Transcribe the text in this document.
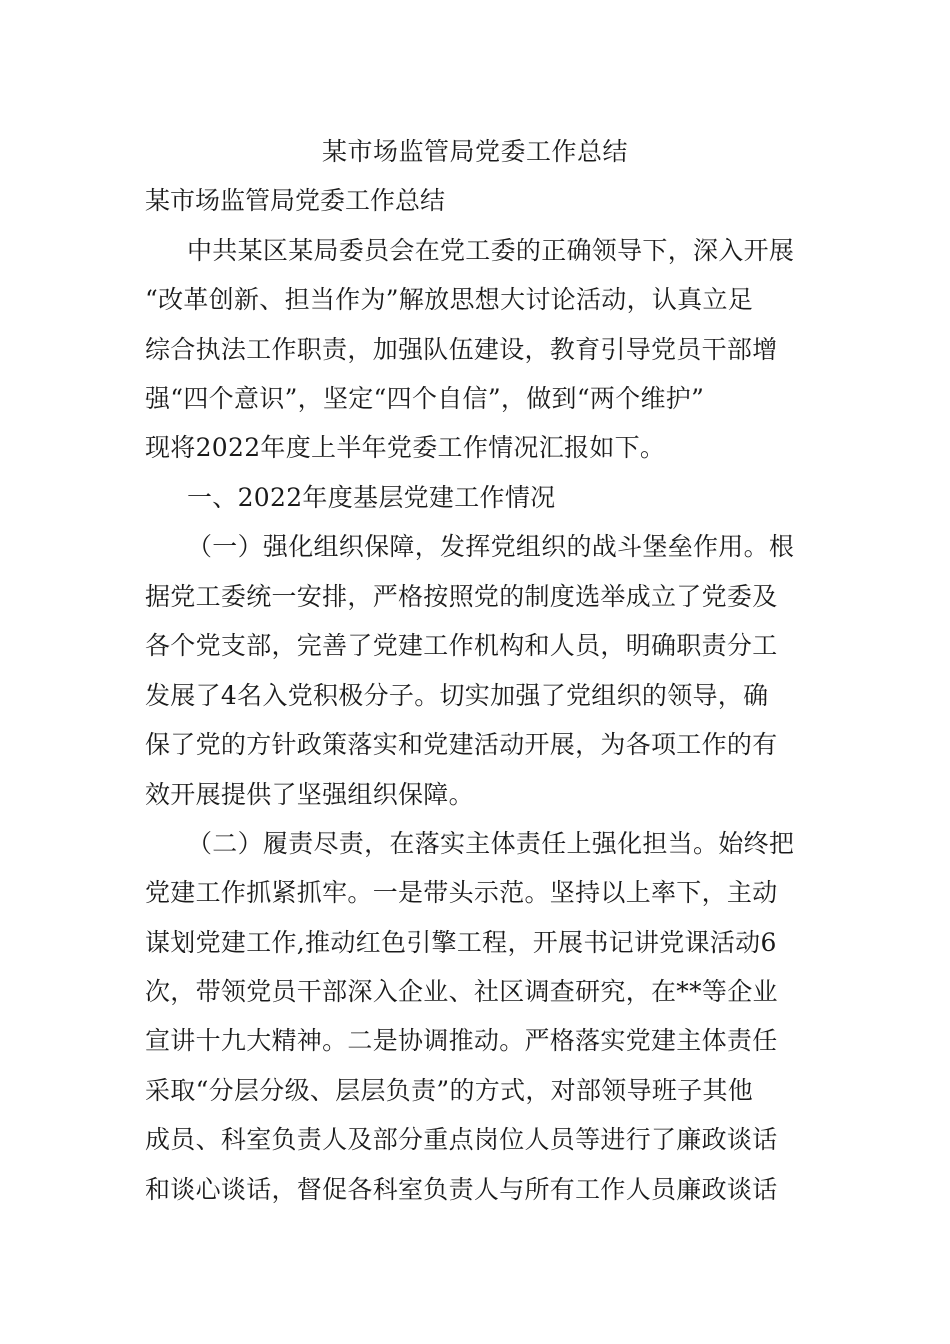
某市场监管局党委工作总结
某市场监管局党委工作总结
中共某区某局委员会在党工委的正确领导下，深入开展
“改革创新、担当作为”解放思想大讨论活动，认真立足
综合执法工作职责，加强队伍建设，教育引导党员干部增
强“四个意识”，坚定“四个自信”，做到“两个维护”
现将2022年度上半年党委工作情况汇报如下。
一、2022年度基层党建工作情况
（一）强化组织保障，发挥党组织的战斗堡垒作用。根
据党工委统一安排，严格按照党的制度选举成立了党委及
各个党支部，完善了党建工作机构和人员，明确职责分工
发展了4名入党积极分子。切实加强了党组织的领导，确
保了党的方针政策落实和党建活动开展，为各项工作的有
效开展提供了坚强组织保障。
（二）履责尽责，在落实主体责任上强化担当。始终把
党建工作抓紧抓牢。一是带头示范。坚持以上率下，主动
谋划党建工作,推动红色引擎工程，开展书记讲党课活动6
次，带领党员干部深入企业、社区调查研究，在**等企业
宣讲十九大精神。二是协调推动。严格落实党建主体责任
采取“分层分级、层层负责”的方式，对部领导班子其他
成员、科室负责人及部分重点岗位人员等进行了廉政谈话
和谈心谈话，督促各科室负责人与所有工作人员廉政谈话
